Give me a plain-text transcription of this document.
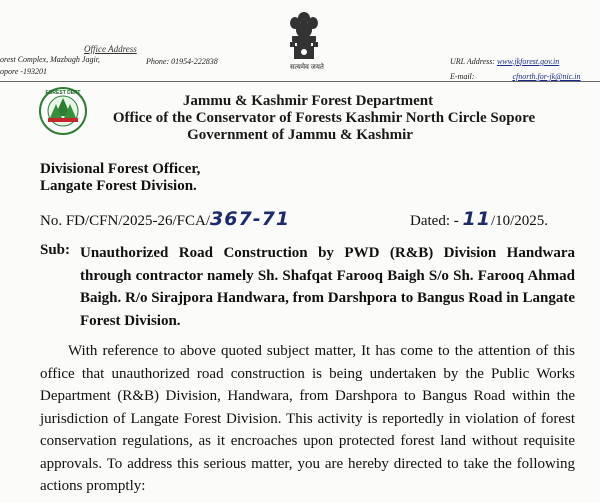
सत्यमेव जयते
Office Address
orest Complex, Mazbugh Jagir,
opore -193201
Phone: 01954-222838	URL Address: www.jkforest.gov.in
E-mail:	cfnorth.for-jk@nic.in
FOREST DEPT	Jammu & Kashmir Forest Department
Office of the Conservator of Forests Kashmir North Circle Sopore
Government of Jammu & Kashmir
Divisional Forest Officer,
Langate Forest Division.
No. FD/CFN/2025-26/FCA/367-71	Dated: - 11/10/2025.
Sub: Unauthorized Road Construction by PWD (R&B) Division Handwara through contractor namely Sh. Shafqat Farooq Baigh S/o Sh. Farooq Ahmad Baigh. R/o Sirajpora Handwara, from Darshpora to Bangus Road in Langate Forest Division.
With reference to above quoted subject matter, It has come to the attention of this office that unauthorized road construction is being undertaken by the Public Works Department (R&B) Division, Handwara, from Darshpora to Bangus Road within the jurisdiction of Langate Forest Division. This activity is reportedly in violation of forest conservation regulations, as it encroaches upon protected forest land without requisite approvals. To address this serious matter, you are hereby directed to take the following actions promptly:
